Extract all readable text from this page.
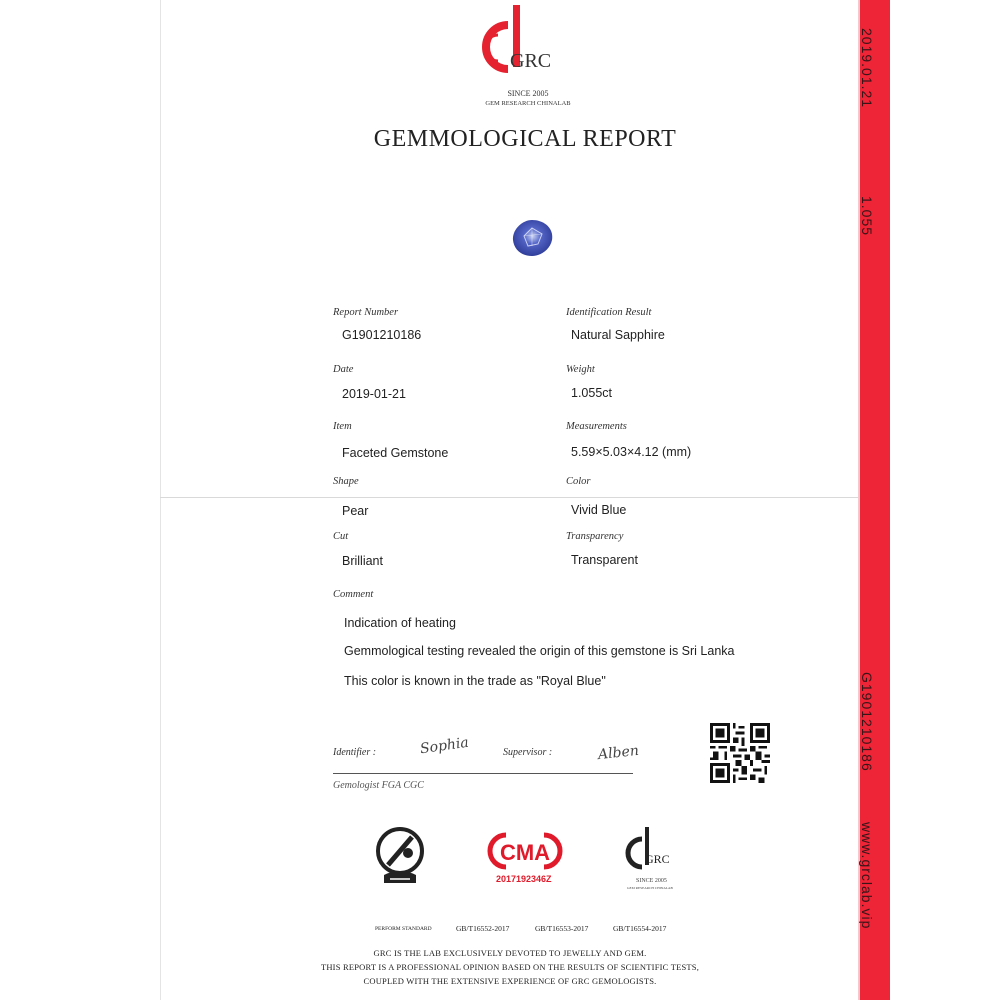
2019.01.21
1.055
G1901210186
www.grclab.vip
GRC
SINCE 2005
GEM RESEARCH CHINALAB
GEMMOLOGICAL REPORT
Report Number
G1901210186
Identification Result
Natural Sapphire
Date
2019-01-21
Weight
1.055ct
Item
Faceted Gemstone
Measurements
5.59×5.03×4.12 (mm)
Shape
Pear
Color
Vivid Blue
Cut
Brilliant
Transparency
Transparent
Comment
Indication of heating
Gemmological testing revealed the origin of this gemstone is Sri Lanka
This color is known in the trade as "Royal Blue"
Identifier :	Sophia	Supervisor :	Alben
Gemologist FGA CGC
CMA
2017192346Z
GRC
SINCE 2005
GEM RESEARCH CHINALAB
PERFORM STANDARD	GB/T16552-2017	GB/T16553-2017	GB/T16554-2017
GRC IS THE LAB EXCLUSIVELY DEVOTED TO JEWELLY AND GEM.
THIS REPORT IS A PROFESSIONAL OPINION BASED ON THE RESULTS OF SCIENTIFIC TESTS,
COUPLED WITH THE EXTENSIVE EXPERIENCE OF GRC GEMOLOGISTS.
